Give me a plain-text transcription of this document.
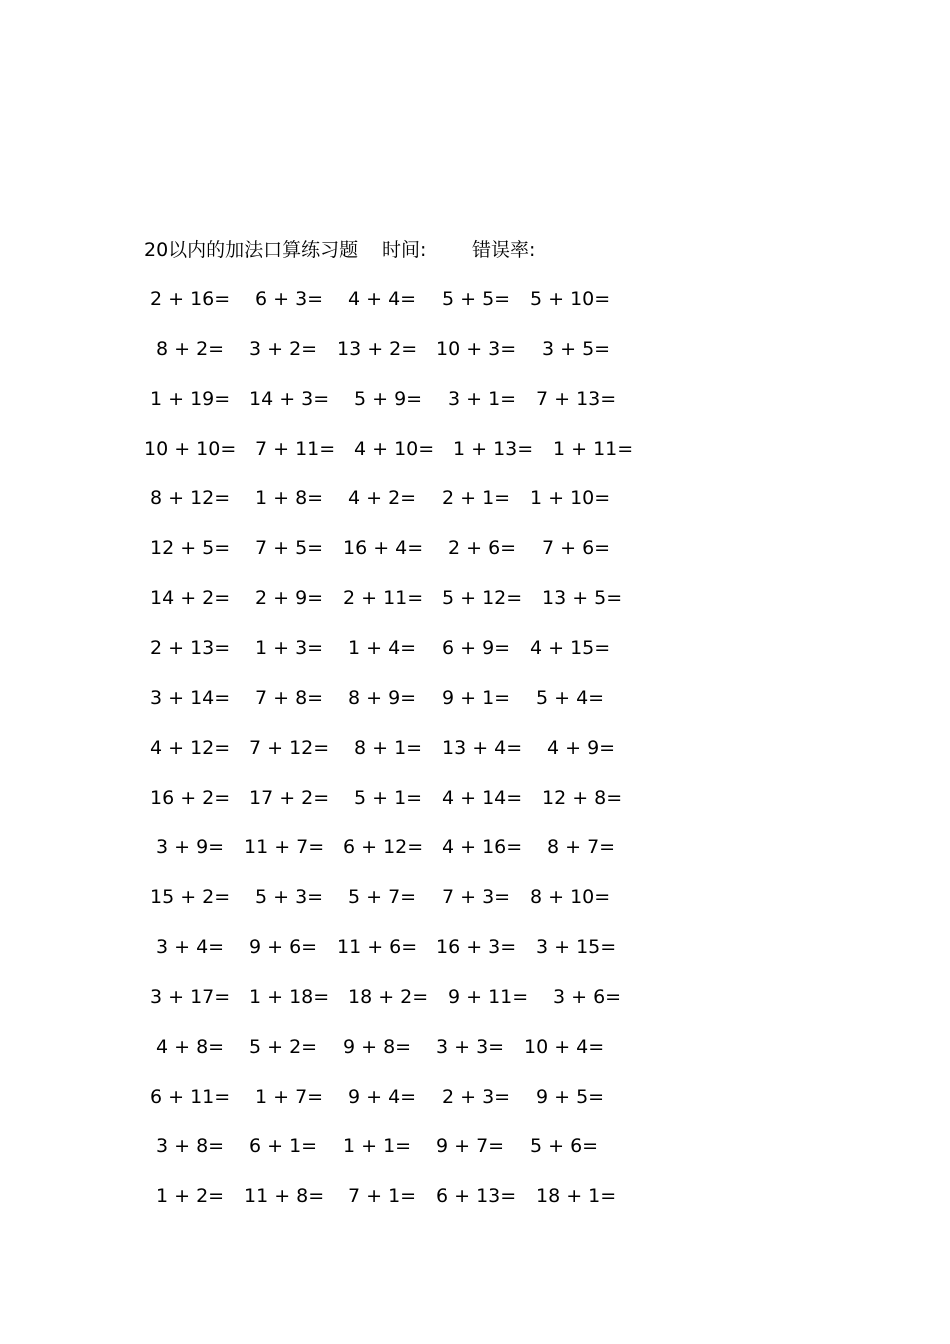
20以内的加法口算练习题 时间: 错误率:
2 + 16= 6 + 3= 4 + 4= 5 + 5= 5 + 10=
8 + 2= 3 + 2= 13 + 2= 10 + 3= 3 + 5=
1 + 19= 14 + 3= 5 + 9= 3 + 1= 7 + 13=
10 + 10= 7 + 11= 4 + 10= 1 + 13= 1 + 11=
8 + 12= 1 + 8= 4 + 2= 2 + 1= 1 + 10=
12 + 5= 7 + 5= 16 + 4= 2 + 6= 7 + 6=
14 + 2= 2 + 9= 2 + 11= 5 + 12= 13 + 5=
2 + 13= 1 + 3= 1 + 4= 6 + 9= 4 + 15=
3 + 14= 7 + 8= 8 + 9= 9 + 1= 5 + 4=
4 + 12= 7 + 12= 8 + 1= 13 + 4= 4 + 9=
16 + 2= 17 + 2= 5 + 1= 4 + 14= 12 + 8=
3 + 9= 11 + 7= 6 + 12= 4 + 16= 8 + 7=
15 + 2= 5 + 3= 5 + 7= 7 + 3= 8 + 10=
3 + 4= 9 + 6= 11 + 6= 16 + 3= 3 + 15=
3 + 17= 1 + 18= 18 + 2= 9 + 11= 3 + 6=
4 + 8= 5 + 2= 9 + 8= 3 + 3= 10 + 4=
6 + 11= 1 + 7= 9 + 4= 2 + 3= 9 + 5=
3 + 8= 6 + 1= 1 + 1= 9 + 7= 5 + 6=
1 + 2= 11 + 8= 7 + 1= 6 + 13= 18 + 1=
